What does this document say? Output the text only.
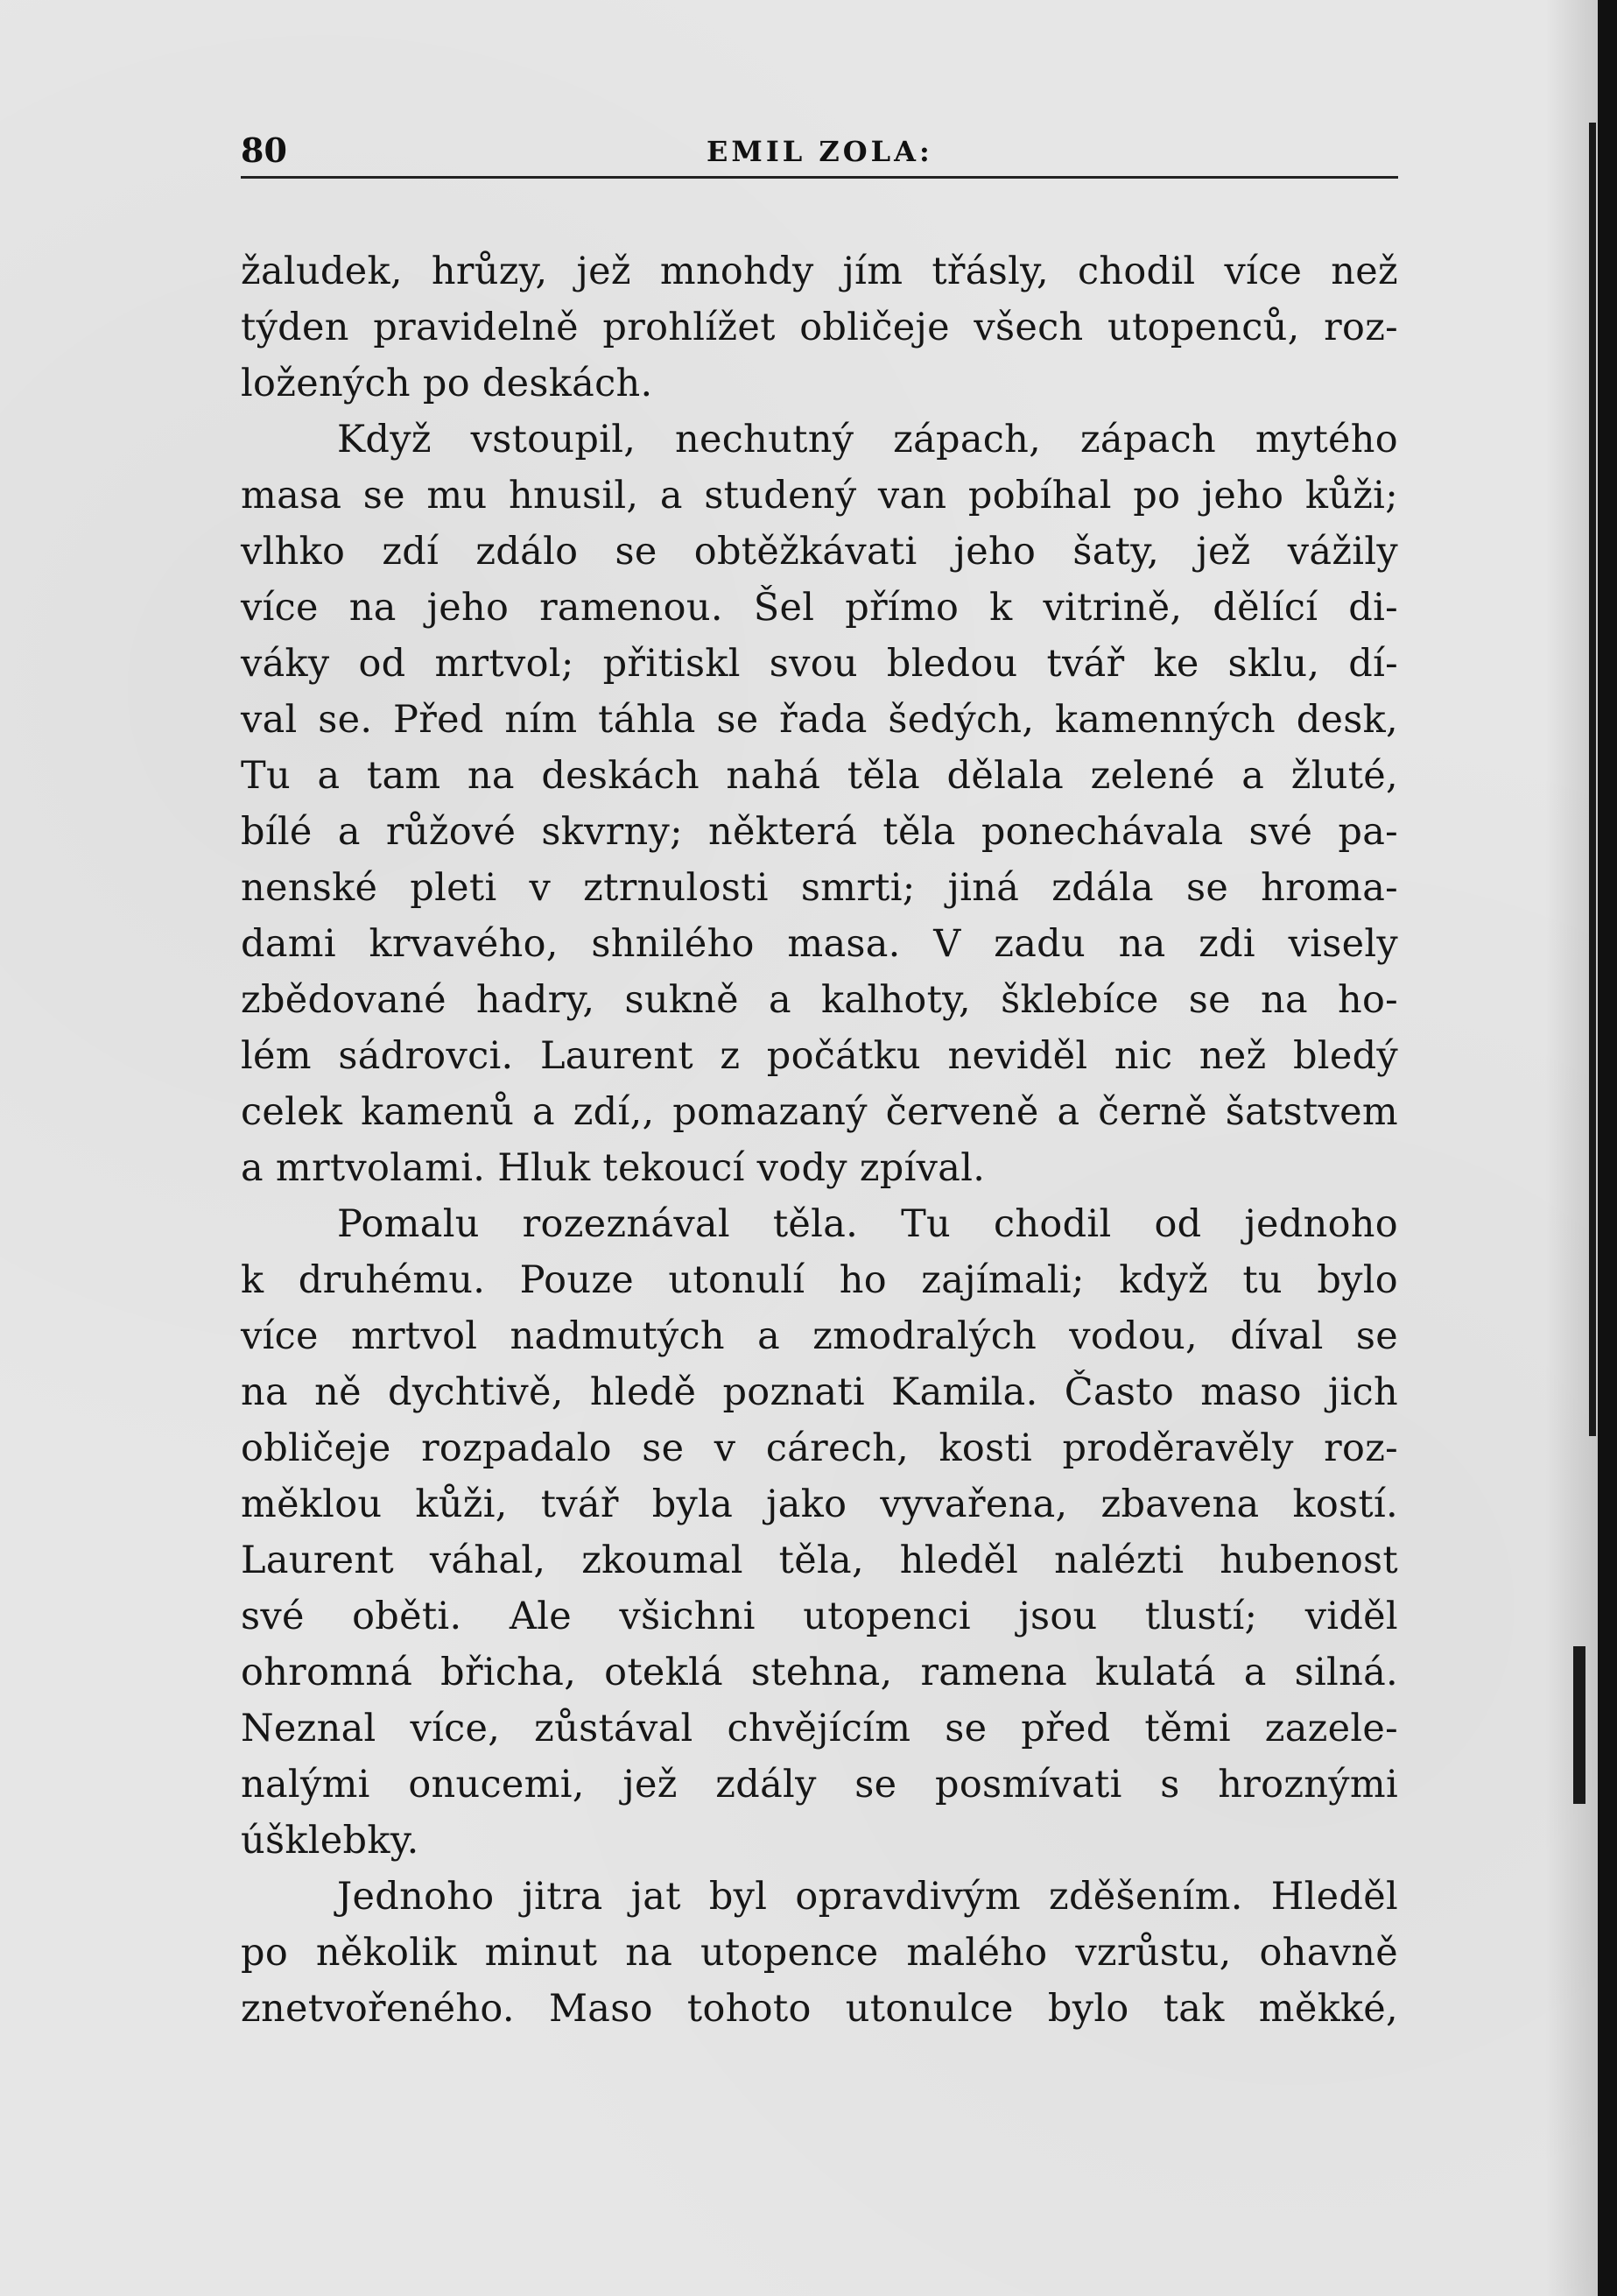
80	EMIL ZOLA:
žaludek, hrůzy, jež mnohdy jím třásly, chodil více než
týden pravidelně prohlížet obličeje všech utopenců, roz-
ložených po deskách.
Když vstoupil, nechutný zápach, zápach mytého
masa se mu hnusil, a studený van pobíhal po jeho kůži;
vlhko zdí zdálo se obtěžkávati jeho šaty, jež vážily
více na jeho ramenou. Šel přímo k vitrině, dělící di-
váky od mrtvol; přitiskl svou bledou tvář ke sklu, dí-
val se. Před ním táhla se řada šedých, kamenných desk,
Tu a tam na deskách nahá těla dělala zelené a žluté,
bílé a růžové skvrny; některá těla ponechávala své pa-
nenské pleti v ztrnulosti smrti; jiná zdála se hroma-
dami krvavého, shnilého masa. V zadu na zdi visely
zbědované hadry, sukně a kalhoty, šklebíce se na ho-
lém sádrovci. Laurent z počátku neviděl nic než bledý
celek kamenů a zdí,, pomazaný červeně a černě šatstvem
a mrtvolami. Hluk tekoucí vody zpíval.
Pomalu rozeznával těla. Tu chodil od jednoho
k druhému. Pouze utonulí ho zajímali; když tu bylo
více mrtvol nadmutých a zmodralých vodou, díval se
na ně dychtivě, hledě poznati Kamila. Často maso jich
obličeje rozpadalo se v cárech, kosti proděravěly roz-
měklou kůži, tvář byla jako vyvařena, zbavena kostí.
Laurent váhal, zkoumal těla, hleděl nalézti hubenost
své oběti. Ale všichni utopenci jsou tlustí; viděl
ohromná břicha, oteklá stehna, ramena kulatá a silná.
Neznal více, zůstával chvějícím se před těmi zazele-
nalými onucemi, jež zdály se posmívati s hroznými
úšklebky.
Jednoho jitra jat byl opravdivým zděšením. Hleděl
po několik minut na utopence malého vzrůstu, ohavně
znetvořeného. Maso tohoto utonulce bylo tak měkké,
